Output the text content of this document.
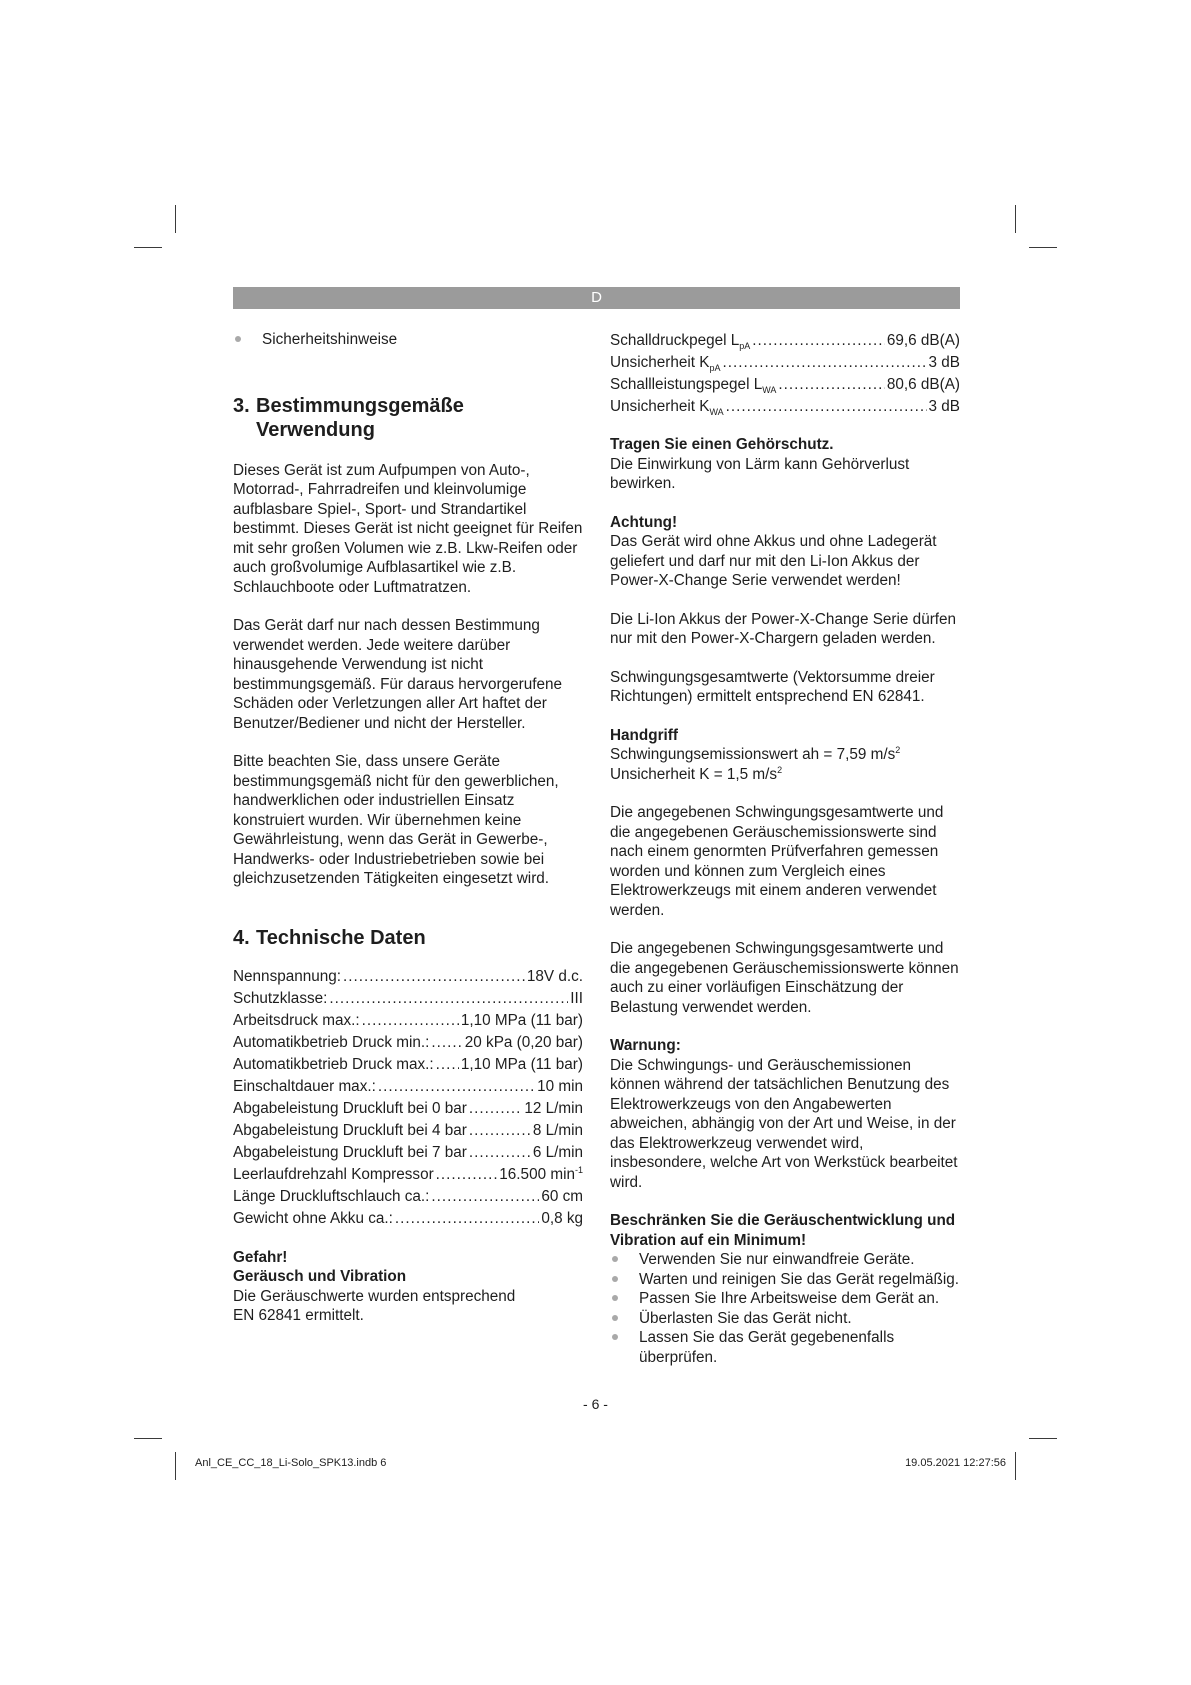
D
Sicherheitshinweise
3. Bestimmungsgemäße
Verwendung

Dieses Gerät ist zum Aufpumpen von Auto-, Motorrad-, Fahrradreifen und kleinvolumige aufblasbare Spiel-, Sport- und Strandartikel bestimmt. Dieses Gerät ist nicht geeignet für Reifen mit sehr großen Volumen wie z.B. Lkw-Reifen oder auch großvolumige Aufblasartikel wie z.B. Schlauchboote oder Luftmatratzen.

Das Gerät darf nur nach dessen Bestimmung verwendet werden. Jede weitere darüber hinausgehende Verwendung ist nicht bestimmungsgemäß. Für daraus hervorgerufene Schäden oder Verletzungen aller Art haftet der Benutzer/Bediener und nicht der Hersteller.

Bitte beachten Sie, dass unsere Geräte bestimmungsgemäß nicht für den gewerblichen, handwerklichen oder industriellen Einsatz konstruiert wurden. Wir übernehmen keine Gewährleistung, wenn das Gerät in Gewerbe-, Handwerks- oder Industriebetrieben sowie bei gleichzusetzenden Tätigkeiten eingesetzt wird.

4. Technische Daten
Nennspannung: .....	18V d.c.
Schutzklasse: .....	III
Arbeitsdruck max.: .....	1,10 MPa (11 bar)
Automatikbetrieb Druck min.: ..... 20 kPa (0,20 bar)
Automatikbetrieb Druck max.: ..... 1,10 MPa (11 bar)
Einschaltdauer max.: .....	10 min
Abgabeleistung Druckluft bei 0 bar .....	12 L/min
Abgabeleistung Druckluft bei 4 bar .....	8 L/min
Abgabeleistung Druckluft bei 7 bar .....	6 L/min
Leerlaufdrehzahl Kompressor .....	16.500 $\min^{-1}$
Länge Druckluftschlauch ca.: .....	60 cm
Gewicht ohne Akku ca.: .....	0,8 kg

Gefahr!

Geräusch und Vibration

Die Geräuschwerte wurden entsprechend

EN 62841 ermittelt.

Schalldruckpegel $L_{pA}$ .....	69,6 dB(A)
Unsicherheit $K_{pA}$ .....	3 dB
Schallleistungspegel $L_{WA}$ .....	80,6 dB(A)
Unsicherheit $K_{WA}$ .....	3 dB

Tragen Sie einen Gehörschutz.

Die Einwirkung von Lärm kann Gehörverlust bewirken.

Achtung!

Das Gerät wird ohne Akkus und ohne Ladegerät geliefert und darf nur mit den Li-Ion Akkus der Power-X-Change Serie verwendet werden!

Die Li-Ion Akkus der Power-X-Change Serie dürfen nur mit den Power-X-Chargern geladen werden.

Schwingungsgesamtwerte (Vektorsumme dreier Richtungen) ermittelt entsprechend EN 62841.

Handgriff

Schwingungsemissionswert ah = 7,59 $m/s^2$

Unsicherheit K = 1,5 $m/s^2$

Die angegebenen Schwingungsgesamtwerte und die angegebenen Geräuschemissionswerte sind nach einem genormten Prüfverfahren gemessen worden und können zum Vergleich eines Elektrowerkzeugs mit einem anderen verwendet werden.

Die angegebenen Schwingungsgesamtwerte und die angegebenen Geräuschemissionswerte können auch zu einer vorläufigen Einschätzung der Belastung verwendet werden.

Warnung:

Die Schwingungs- und Geräuschemissionen können während der tatsächlichen Benutzung des Elektrowerkzeugs von den Angabewerten abweichen, abhängig von der Art und Weise, in der das Elektrowerkzeug verwendet wird, insbesondere, welche Art von Werkstück bearbeitet wird.

Beschränken Sie die Geräuschentwicklung und Vibration auf ein Minimum!

Verwenden Sie nur einwandfreie Geräte.
Warten und reinigen Sie das Gerät regelmäßig.
Passen Sie Ihre Arbeitsweise dem Gerät an.
Überlasten Sie das Gerät nicht.
Lassen Sie das Gerät gegebenenfalls überprüfen.
- 6 -
Anl_CE_CC_18_Li-Solo_SPK13.indb 6	19.05.2021 12:27:56
